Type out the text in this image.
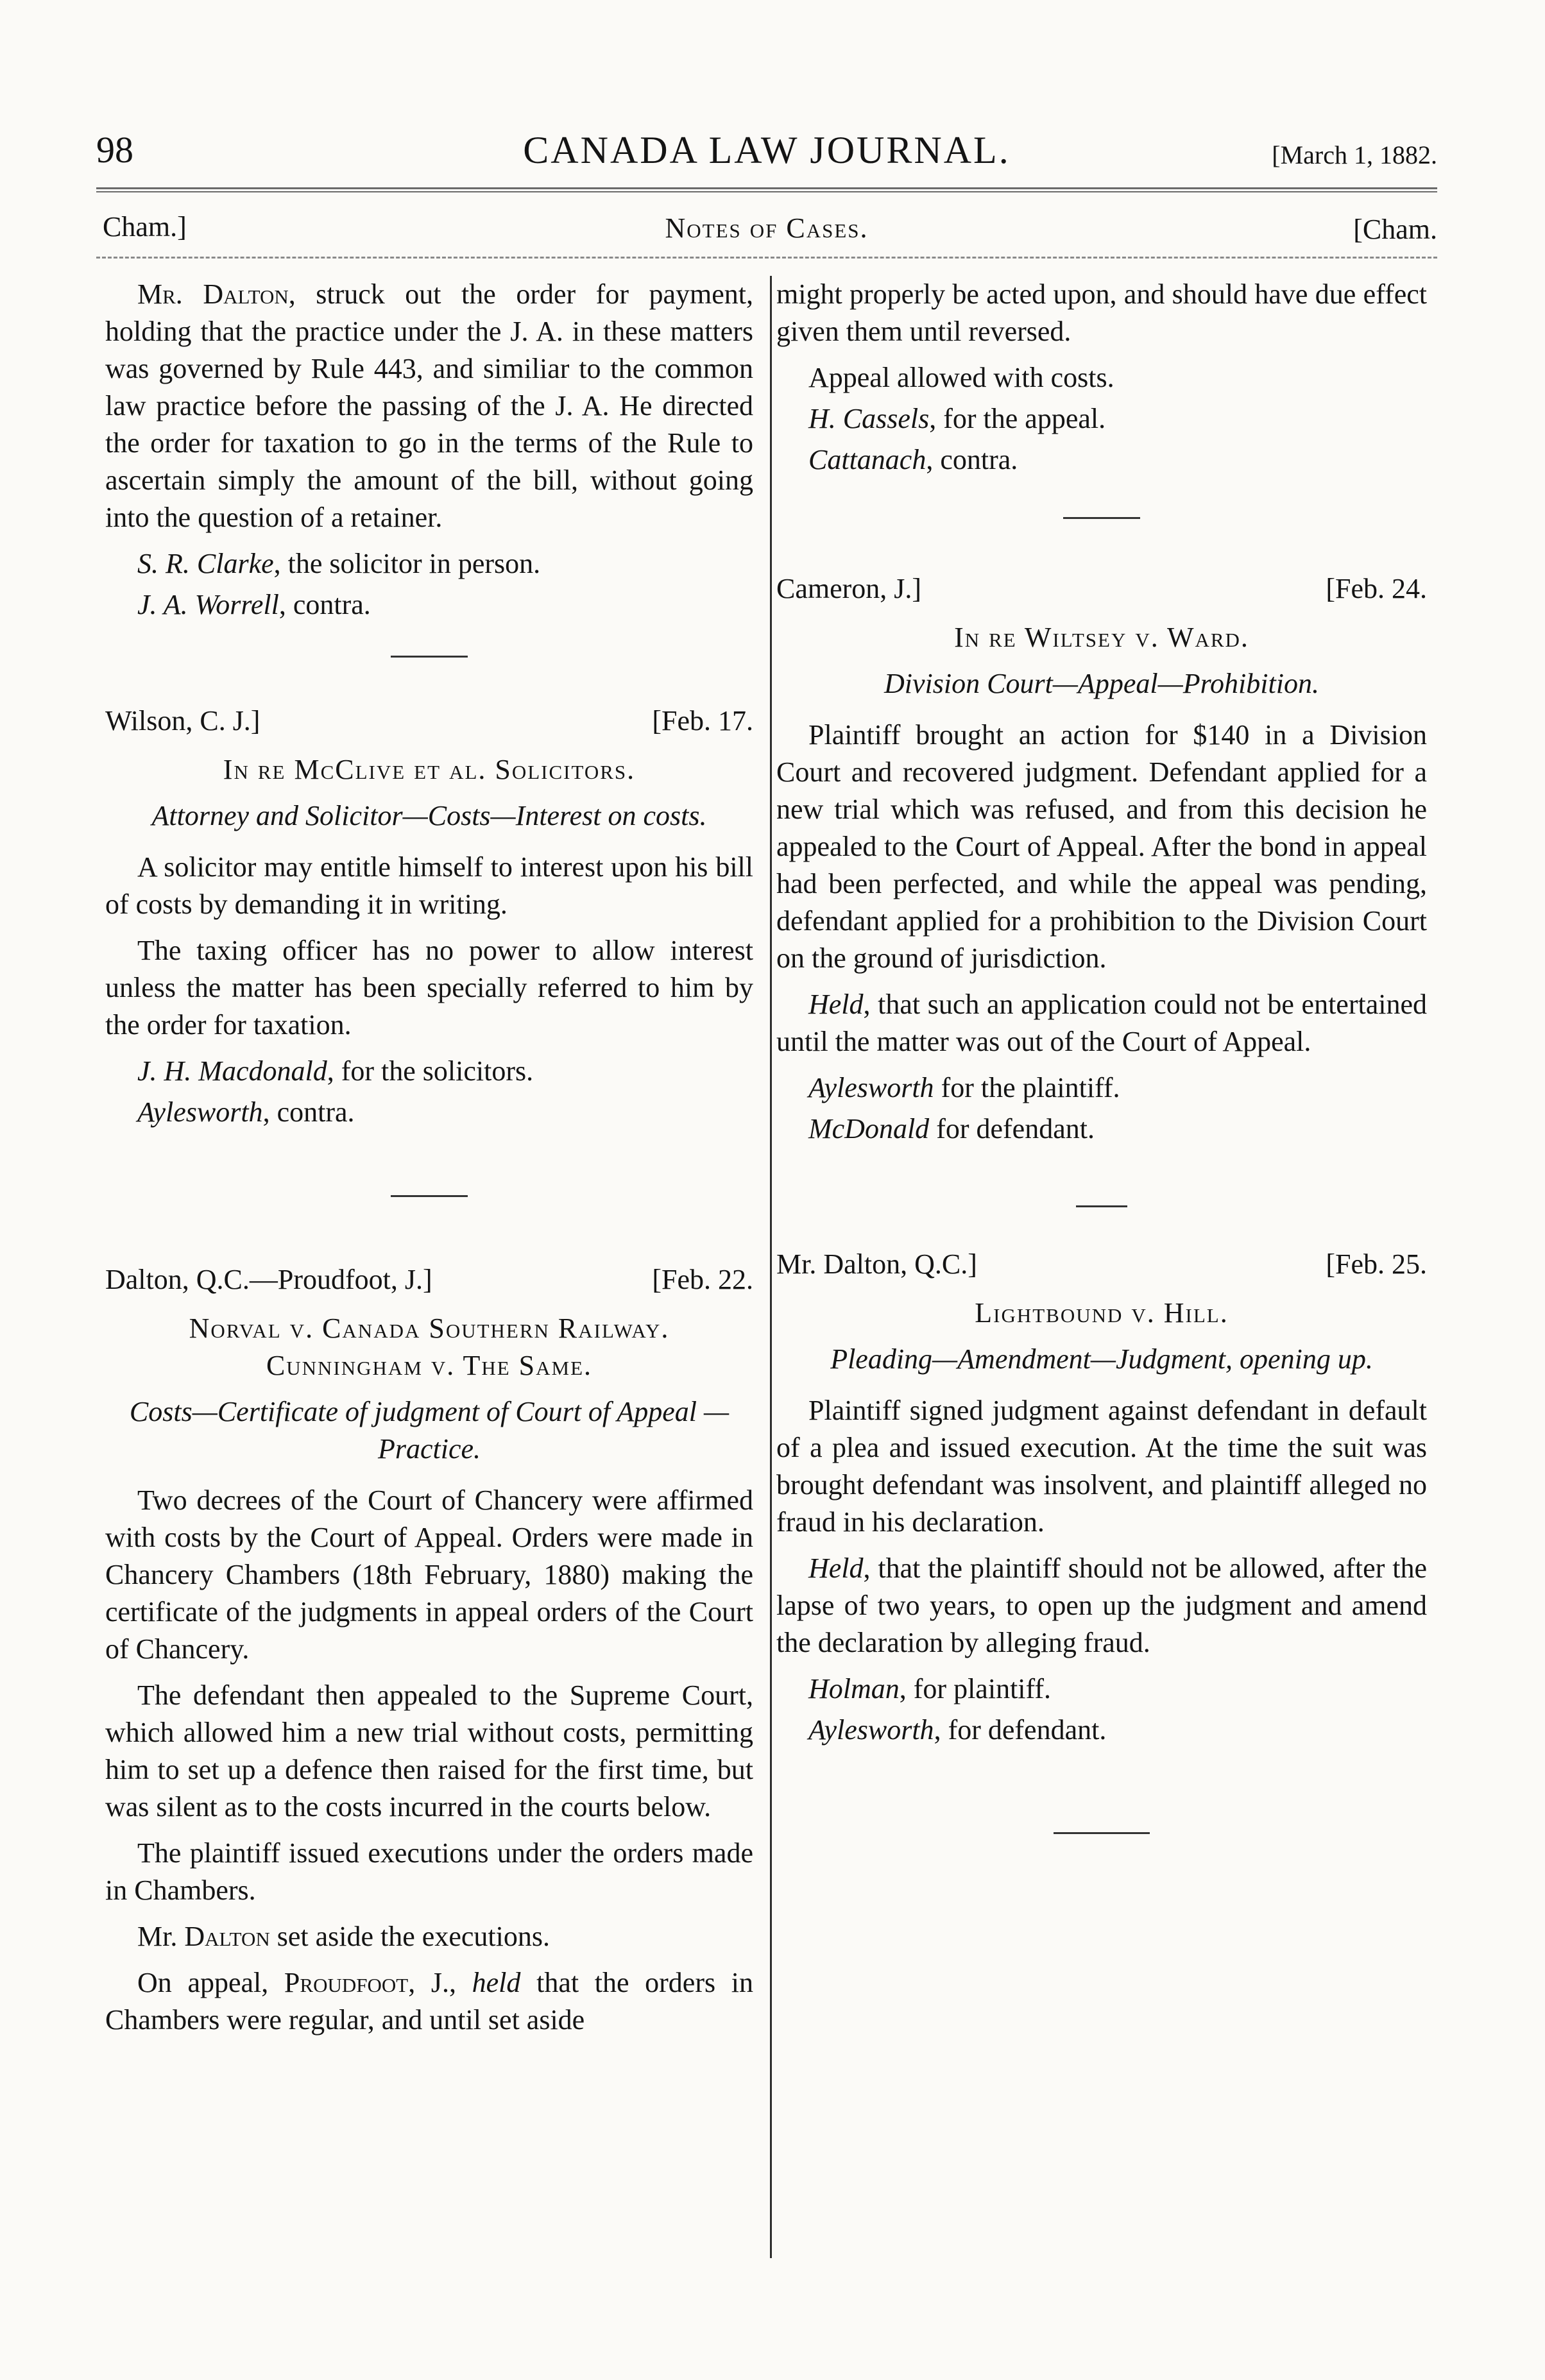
98	CANADA LAW JOURNAL.	[March 1, 1882.
Cham.]	Notes of Cases.	[Cham.

Mr. Dalton, struck out the order for payment, holding that the practice under the J. A. in these matters was governed by Rule 443, and similiar to the common law practice before the passing of the J. A. He directed the order for taxation to go in the terms of the Rule to ascertain simply the amount of the bill, without going into the question of a retainer.

S. R. Clarke, the solicitor in person.
J. A. Worrell, contra.
Wilson, C. J.]	[Feb. 17.
In re McClive et al. Solicitors.
Attorney and Solicitor—Costs—Interest on costs.

A solicitor may entitle himself to interest upon his bill of costs by demanding it in writing.

The taxing officer has no power to allow interest unless the matter has been specially referred to him by the order for taxation.

J. H. Macdonald, for the solicitors.
Aylesworth, contra.
Dalton, Q.C.—Proudfoot, J.]	[Feb. 22.
Norval v. Canada Southern Railway.
Cunningham v. The Same.
Costs—Certificate of judgment of Court of Appeal —Practice.

Two decrees of the Court of Chancery were affirmed with costs by the Court of Appeal. Orders were made in Chancery Chambers (18th February, 1880) making the certificate of the judgments in appeal orders of the Court of Chancery.

The defendant then appealed to the Supreme Court, which allowed him a new trial without costs, permitting him to set up a defence then raised for the first time, but was silent as to the costs incurred in the courts below.

The plaintiff issued executions under the orders made in Chambers.

Mr. Dalton set aside the executions.

On appeal, Proudfoot, J., held that the orders in Chambers were regular, and until set aside

might properly be acted upon, and should have due effect given them until reversed.

Appeal allowed with costs.
H. Cassels, for the appeal.
Cattanach, contra.
Cameron, J.]	[Feb. 24.
In re Wiltsey v. Ward.
Division Court—Appeal—Prohibition.

Plaintiff brought an action for $140 in a Division Court and recovered judgment. Defendant applied for a new trial which was refused, and from this decision he appealed to the Court of Appeal. After the bond in appeal had been perfected, and while the appeal was pending, defendant applied for a prohibition to the Division Court on the ground of jurisdiction.

Held, that such an application could not be entertained until the matter was out of the Court of Appeal.

Aylesworth for the plaintiff.
McDonald for defendant.
Mr. Dalton, Q.C.]	[Feb. 25.
Lightbound v. Hill.
Pleading—Amendment—Judgment, opening up.

Plaintiff signed judgment against defendant in default of a plea and issued execution. At the time the suit was brought defendant was insolvent, and plaintiff alleged no fraud in his declaration.

Held, that the plaintiff should not be allowed, after the lapse of two years, to open up the judgment and amend the declaration by alleging fraud.

Holman, for plaintiff.
Aylesworth, for defendant.
